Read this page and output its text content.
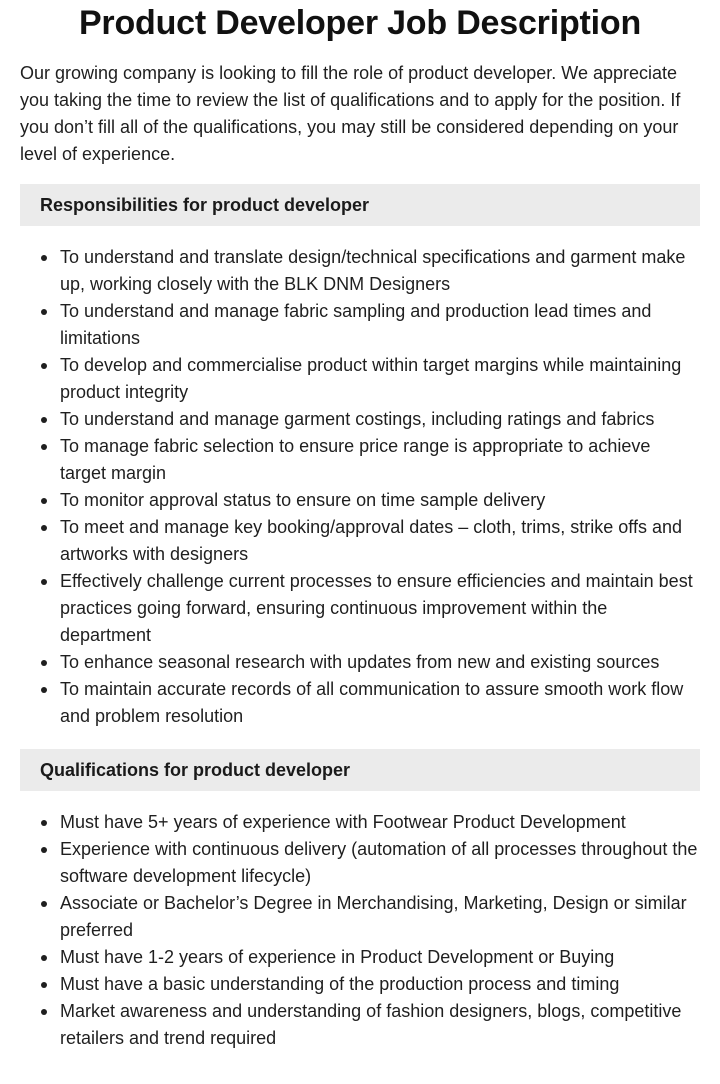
Product Developer Job Description

Our growing company is looking to fill the role of product developer. We appreciate you taking the time to review the list of qualifications and to apply for the position. If you don’t fill all of the qualifications, you may still be considered depending on your level of experience.

Responsibilities for product developer
To understand and translate design/technical specifications and garment make up, working closely with the BLK DNM Designers
To understand and manage fabric sampling and production lead times and limitations
To develop and commercialise product within target margins while maintaining product integrity
To understand and manage garment costings, including ratings and fabrics
To manage fabric selection to ensure price range is appropriate to achieve target margin
To monitor approval status to ensure on time sample delivery
To meet and manage key booking/approval dates – cloth, trims, strike offs and artworks with designers
Effectively challenge current processes to ensure efficiencies and maintain best practices going forward, ensuring continuous improvement within the department
To enhance seasonal research with updates from new and existing sources
To maintain accurate records of all communication to assure smooth work flow and problem resolution
Qualifications for product developer
Must have 5+ years of experience with Footwear Product Development
Experience with continuous delivery (automation of all processes throughout the software development lifecycle)
Associate or Bachelor’s Degree in Merchandising, Marketing, Design or similar preferred
Must have 1-2 years of experience in Product Development or Buying
Must have a basic understanding of the production process and timing
Market awareness and understanding of fashion designers, blogs, competitive retailers and trend required
